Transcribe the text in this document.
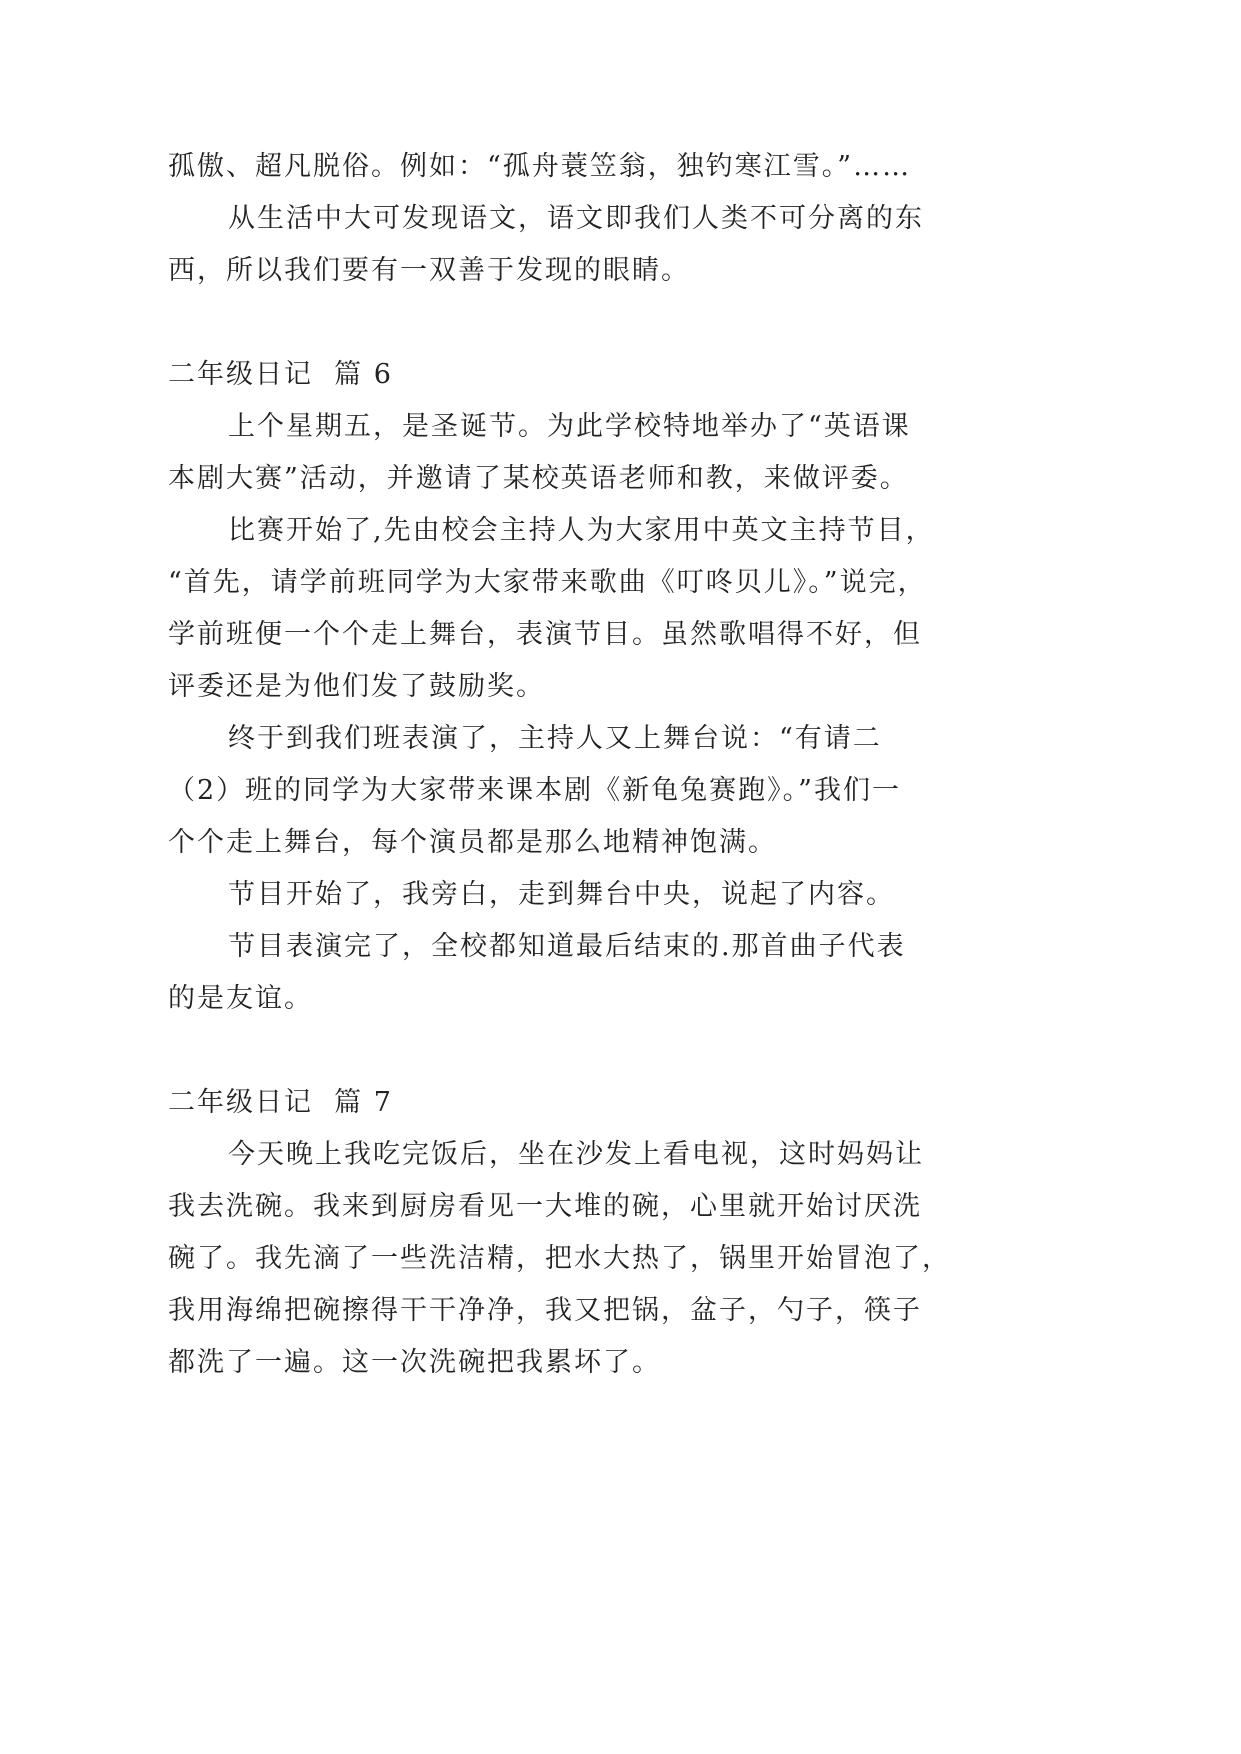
孤傲、超凡脱俗。例如：“孤舟蓑笠翁，独钓寒江雪。”……
从生活中大可发现语文，语文即我们人类不可分离的东
西，所以我们要有一双善于发现的眼睛。
二年级日记  篇 6
上个星期五，是圣诞节。为此学校特地举办了“英语课
本剧大赛”活动，并邀请了某校英语老师和教，来做评委。
比赛开始了,先由校会主持人为大家用中英文主持节目，
“首先，请学前班同学为大家带来歌曲《叮咚贝儿》。”说完，
学前班便一个个走上舞台，表演节目。虽然歌唱得不好，但
评委还是为他们发了鼓励奖。
终于到我们班表演了，主持人又上舞台说：“有请二
（2）班的同学为大家带来课本剧《新龟兔赛跑》。”我们一
个个走上舞台，每个演员都是那么地精神饱满。
节目开始了，我旁白，走到舞台中央，说起了内容。
节目表演完了，全校都知道最后结束的.那首曲子代表
的是友谊。
二年级日记  篇 7
今天晚上我吃完饭后，坐在沙发上看电视，这时妈妈让
我去洗碗。我来到厨房看见一大堆的碗，心里就开始讨厌洗
碗了。我先滴了一些洗洁精，把水大热了，锅里开始冒泡了，
我用海绵把碗擦得干干净净，我又把锅，盆子，勺子，筷子
都洗了一遍。这一次洗碗把我累坏了。
